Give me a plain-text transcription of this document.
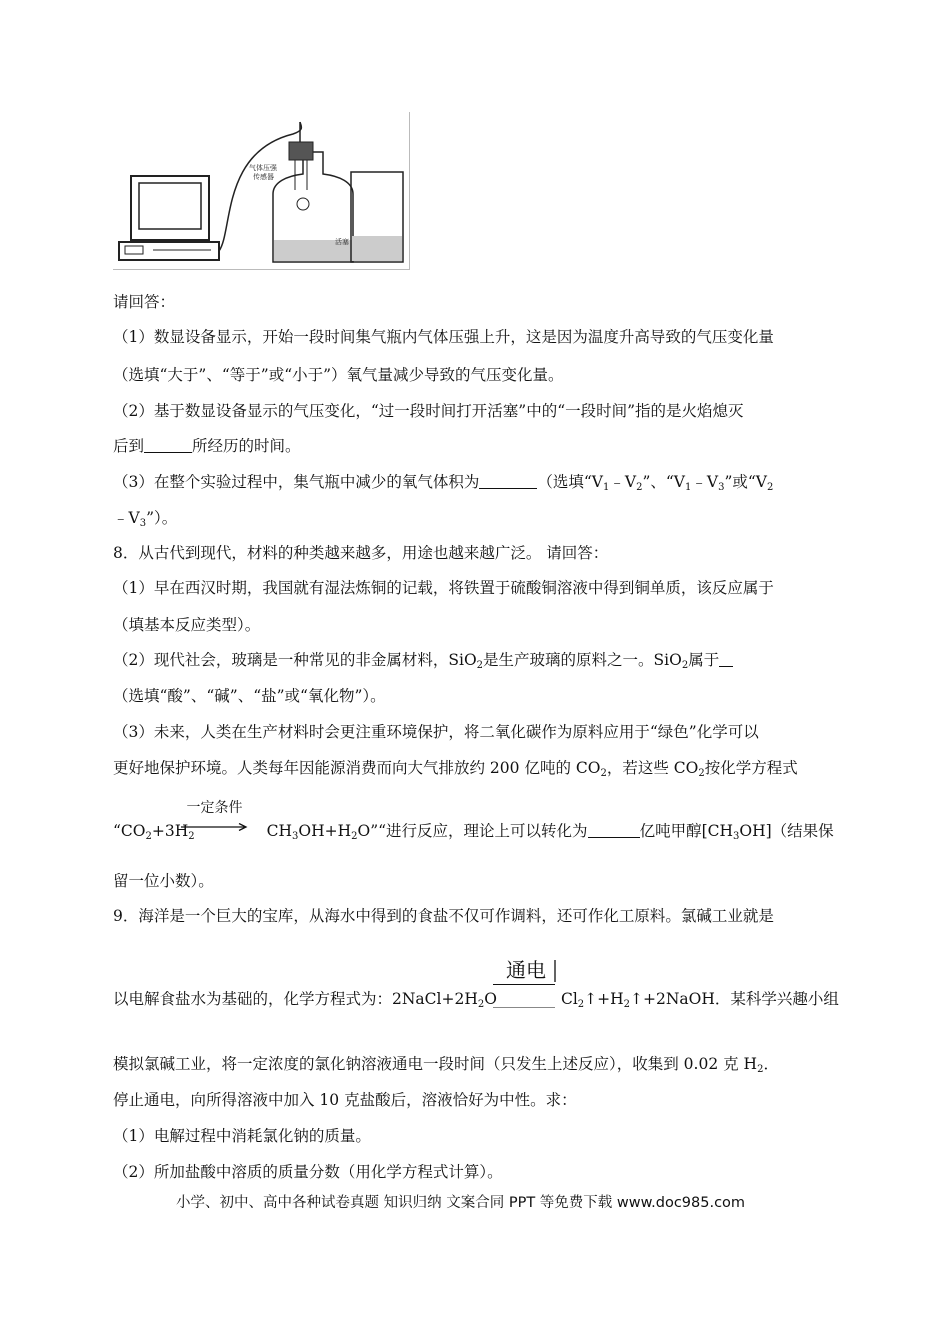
气体压强
传感器
活塞
请回答：
（1）数显设备显示，开始一段时间集气瓶内气体压强上升，这是因为温度升高导致的气压变化量
（选填“大于”、“等于”或“小于”）氧气量减少导致的气压变化量。
（2）基于数显设备显示的气压变化，“过一段时间打开活塞”中的“一段时间”指的是火焰熄灭
后到	所经历的时间。
（3）在整个实验过程中，集气瓶中减少的氧气体积为	（选填“$V_1﹣V_2$”、“$V_1﹣V_3$”或“$V_2$
$﹣V_3$”）。
8．从古代到现代，材料的种类越来越多，用途也越来越广泛。 请回答：
（1）早在西汉时期，我国就有湿法炼铜的记载，将铁置于硫酸铜溶液中得到铜单质，该反应属于
（填基本反应类型）。
（2）现代社会，玻璃是一种常见的非金属材料，SiO$_2$是生产玻璃的原料之一。SiO$_2$属于
（选填“酸”、“碱”、“盐”或“氧化物”）。
（3）未来，人类在生产材料时会更注重环境保护，将二氧化碳作为原料应用于“绿色”化学可以
更好地保护环境。人类每年因能源消费而向大气排放约 200 亿吨的 $CO_2$，若这些 $CO_2$按化学方程式
一定条件
“$CO_2+3H_2$	$CH_3OH+H_2O”“$进行反应，理论上可以转化为	亿吨甲醇$[CH_3OH]$（结果保
留一位小数）。
9．海洋是一个巨大的宝库，从海水中得到的食盐不仅可作调料，还可作化工原料。氯碱工业就是
通电
以电解食盐水为基础的，化学方程式为：$2NaCl+2H_2O$	$Cl_2↑+H_2↑+2NaOH$．某科学兴趣小组
模拟氯碱工业，将一定浓度的氯化钠溶液通电一段时间（只发生上述反应），收集到 0.02 克 $H_2$．
停止通电，向所得溶液中加入 10 克盐酸后，溶液恰好为中性。求：
（1）电解过程中消耗氯化钠的质量。
（2）所加盐酸中溶质的质量分数（用化学方程式计算）。
小学、初中、高中各种试卷真题 知识归纳 文案合同 PPT 等免费下载 www.doc985.com
